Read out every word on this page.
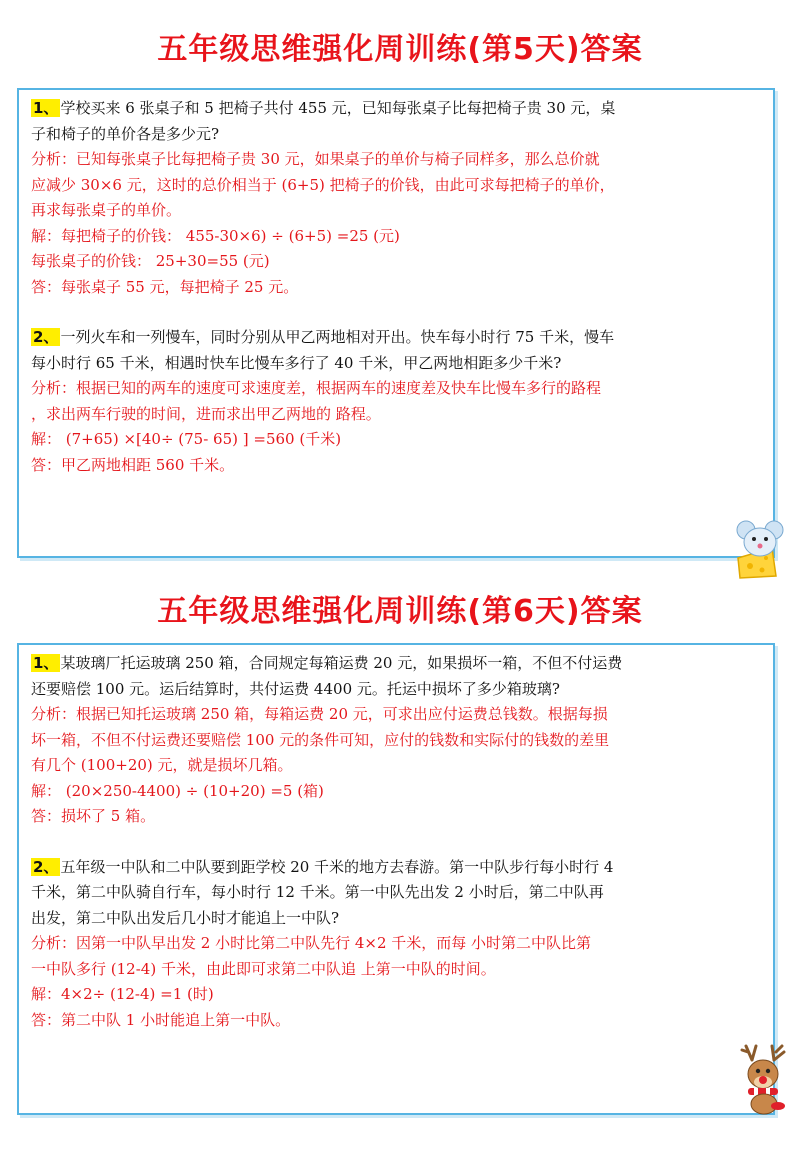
五年级思维强化周训练(第5天)答案

1、 学校买来 6 张桌子和 5 把椅子共付 455 元，已知每张桌子比每把椅子贵 30 元，桌

子和椅子的单价各是多少元?

分析：已知每张桌子比每把椅子贵 30 元，如果桌子的单价与椅子同样多，那么总价就

应减少 30×6 元，这时的总价相当于 (6+5) 把椅子的价钱，由此可求每把椅子的单价，

再求每张桌子的单价。

解：每把椅子的价钱： 455-30×6) ÷ (6+5) =25 (元)

每张桌子的价钱： 25+30=55 (元)

答：每张桌子 55 元，每把椅子 25 元。

2、 一列火车和一列慢车，同时分别从甲乙两地相对开出。快车每小时行 75 千米，慢车

每小时行 65 千米，相遇时快车比慢车多行了 40 千米，甲乙两地相距多少千米?

分析：根据已知的两车的速度可求速度差，根据两车的速度差及快车比慢车多行的路程

，求出两车行驶的时间，进而求出甲乙两地的 路程。

解： (7+65) ×[40÷ (75- 65) ] =560 (千米)

答：甲乙两地相距 560 千米。

五年级思维强化周训练(第6天)答案

1、 某玻璃厂托运玻璃 250 箱，合同规定每箱运费 20 元，如果损坏一箱，不但不付运费

还要赔偿 100 元。运后结算时，共付运费 4400 元。托运中损坏了多少箱玻璃?

分析：根据已知托运玻璃 250 箱，每箱运费 20 元，可求出应付运费总钱数。根据每损

坏一箱，不但不付运费还要赔偿 100 元的条件可知，应付的钱数和实际付的钱数的差里

有几个 (100+20) 元，就是损坏几箱。

解： (20×250-4400) ÷ (10+20) =5 (箱)

答：损坏了 5 箱。

2、 五年级一中队和二中队要到距学校 20 千米的地方去春游。第一中队步行每小时行 4

千米，第二中队骑自行车，每小时行 12 千米。第一中队先出发 2 小时后，第二中队再

出发，第二中队出发后几小时才能追上一中队?

分析：因第一中队早出发 2 小时比第二中队先行 4×2 千米，而每 小时第二中队比第

一中队多行 (12-4) 千米，由此即可求第二中队追 上第一中队的时间。

解：4×2÷ (12-4) =1 (时)

答：第二中队 1 小时能追上第一中队。
